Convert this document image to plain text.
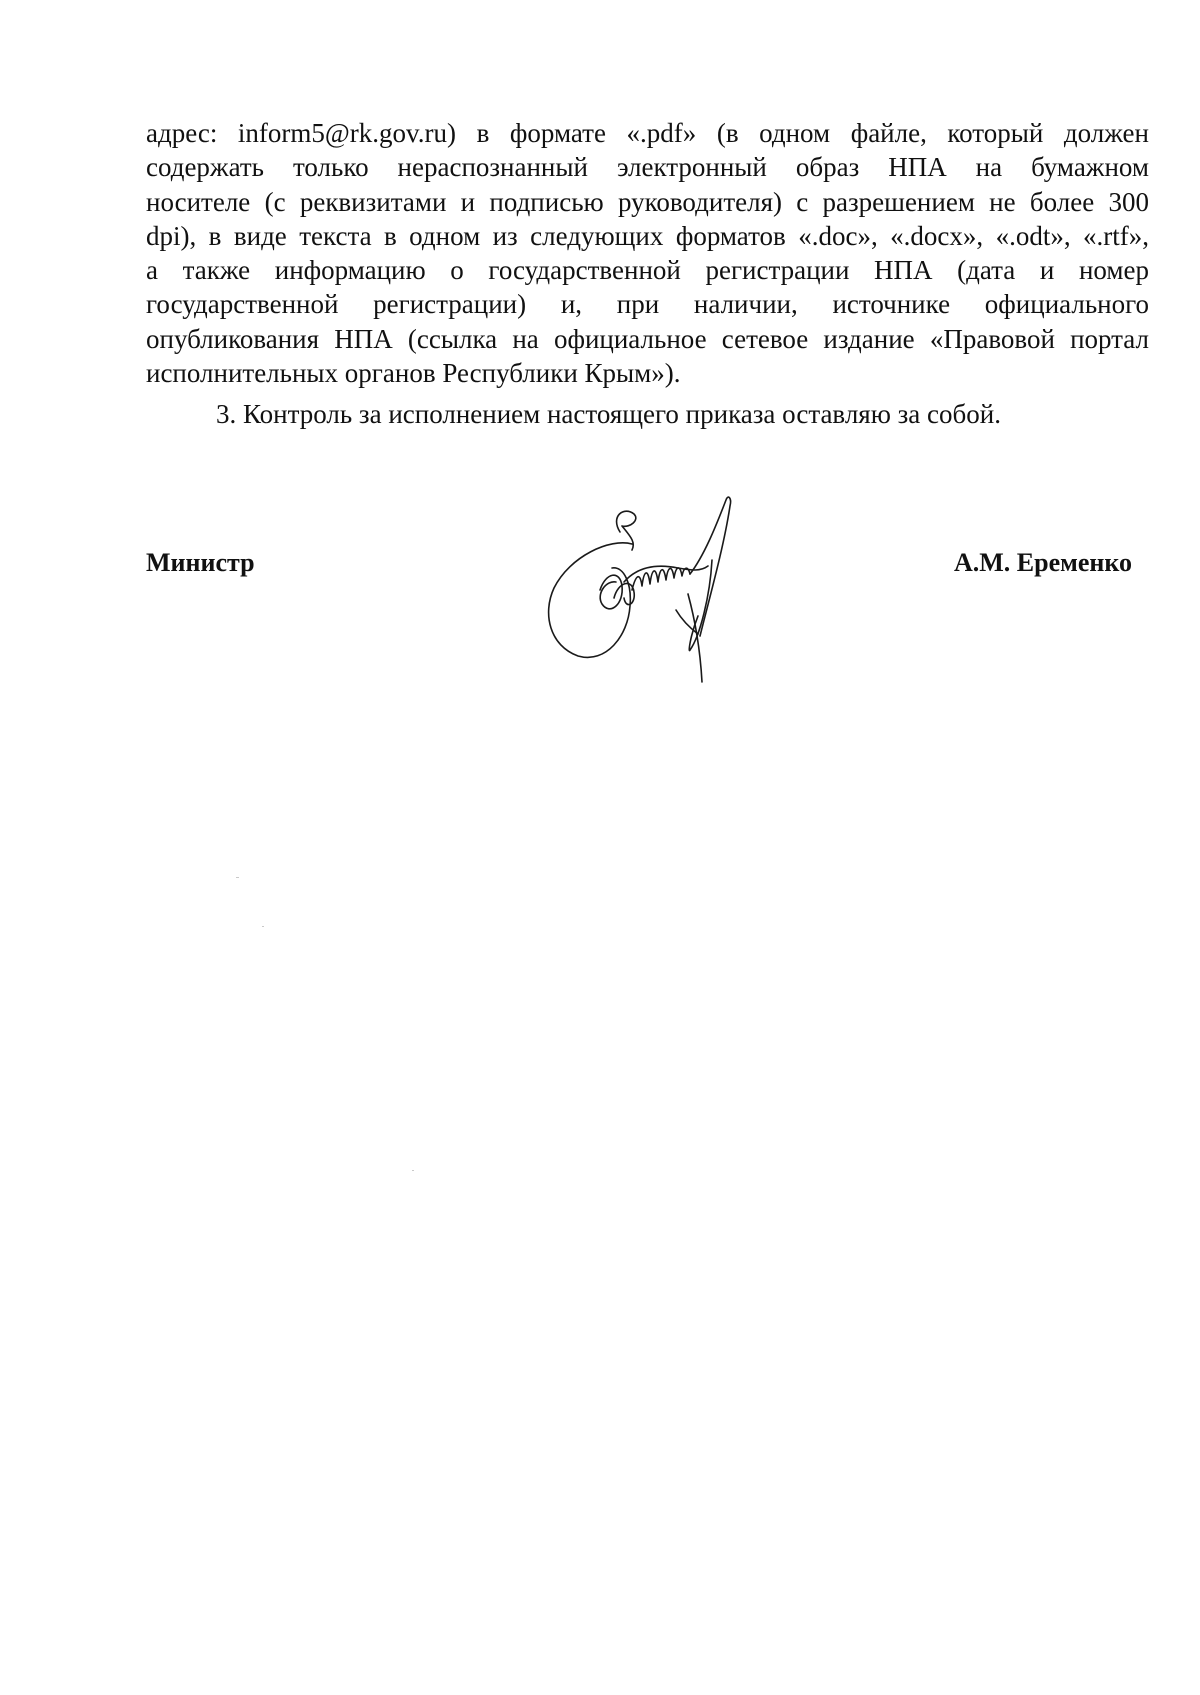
адрес: inform5@rk.gov.ru) в формате «.pdf» (в одном файле, который должен
содержать только нераспознанный электронный образ НПА на бумажном
носителе (с реквизитами и подписью руководителя) с разрешением не более 300
dpi), в виде текста в одном из следующих форматов «.doc», «.docx», «.odt», «.rtf»,
а также информацию о государственной регистрации НПА (дата и номер
государственной регистрации) и, при наличии, источнике официального
опубликования НПА (ссылка на официальное сетевое издание «Правовой портал
исполнительных органов Республики Крым»).
3. Контроль за исполнением настоящего приказа оставляю за собой.
Министр	А.М. Еременко
